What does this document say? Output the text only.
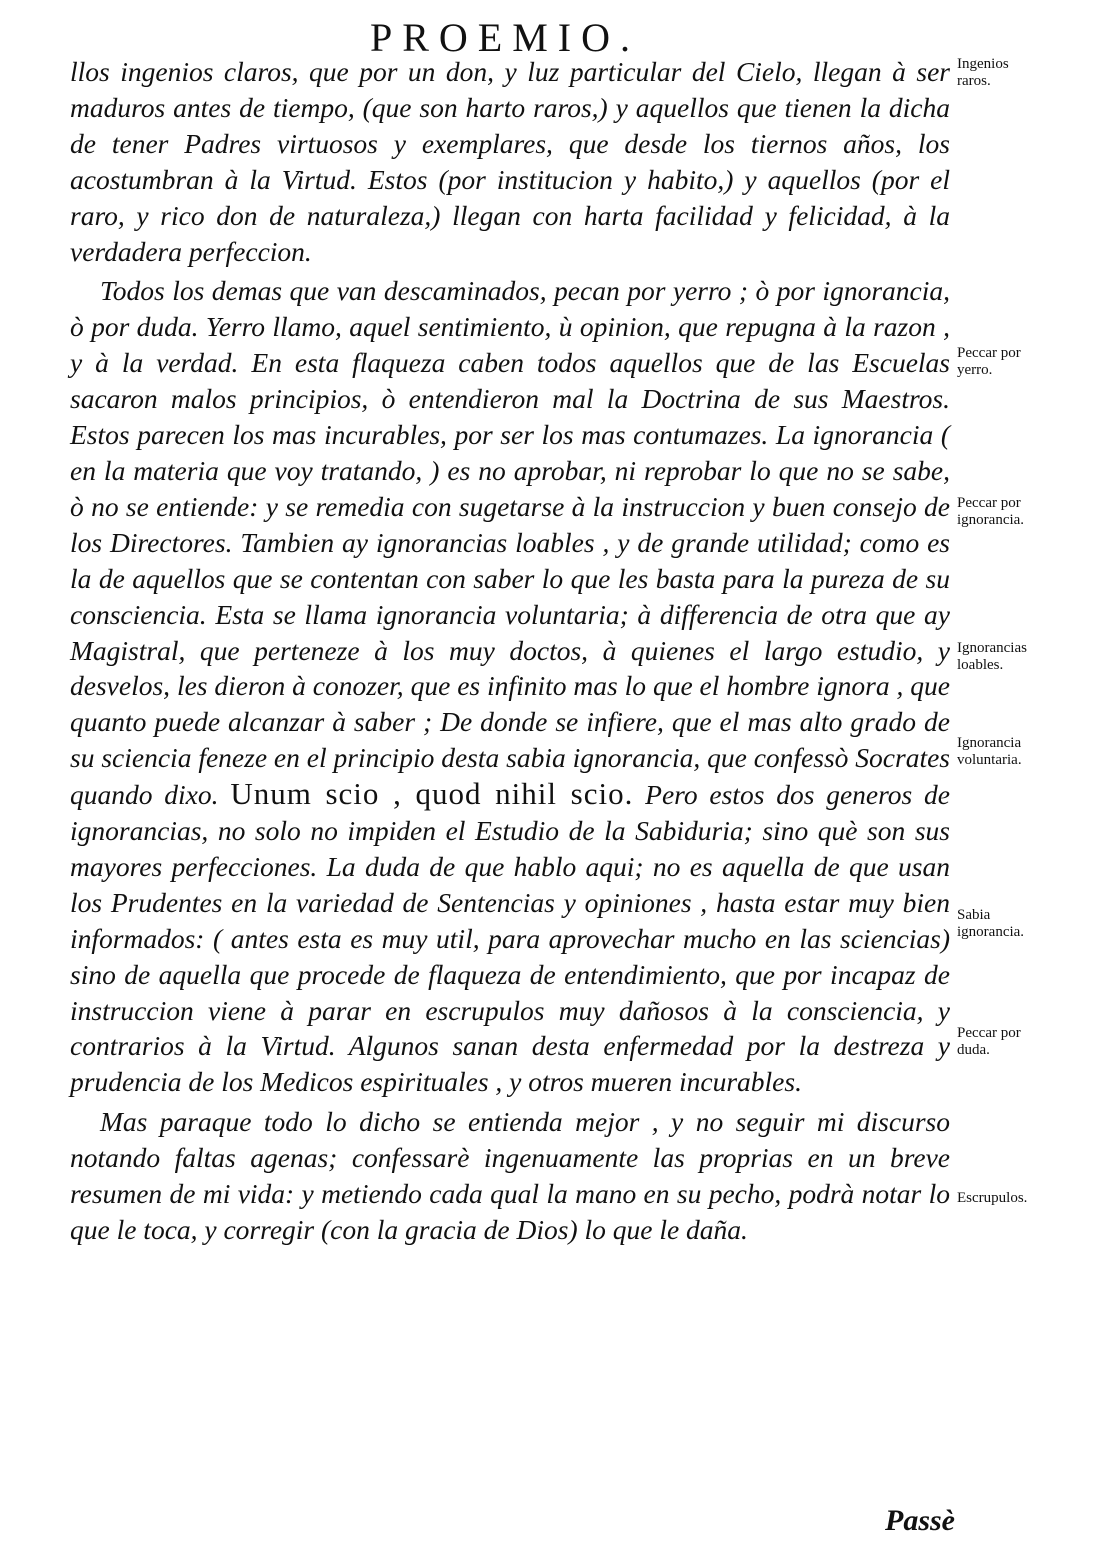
PROEMIO.

llos ingenios claros, que por un don, y luz particular del Cielo, llegan à ser maduros antes de tiempo, (que son harto raros,) y aquellos que tienen la dicha de tener Padres virtuosos y exemplares, que desde los tiernos años, los acostumbran à la Virtud. Estos (por institucion y habito,) y aquellos (por el raro, y rico don de naturaleza,) llegan con harta facilidad y felicidad, à la verdadera perfeccion.

Todos los demas que van descaminados, pecan por yerro ; ò por ignorancia, ò por duda. Yerro llamo, aquel sentimiento, ù opinion, que repugna à la razon , y à la verdad. En esta flaqueza caben todos aquellos que de las Escuelas sacaron malos principios, ò entendieron mal la Doctrina de sus Maestros. Estos parecen los mas incurables, por ser los mas contumazes. La ignorancia ( en la materia que voy tratando, ) es no aprobar, ni reprobar lo que no se sabe, ò no se entiende: y se remedia con sugetarse à la instruccion y buen consejo de los Directores. Tambien ay ignorancias loables , y de grande utilidad; como es la de aquellos que se contentan con saber lo que les basta para la pureza de su consciencia. Esta se llama ignorancia voluntaria; à differencia de otra que ay Magistral, que perteneze à los muy doctos, à quienes el largo estudio, y desvelos, les dieron à conozer, que es infinito mas lo que el hombre ignora , que quanto puede alcanzar à saber ; De donde se infiere, que el mas alto grado de su sciencia feneze en el principio desta sabia ignorancia, que confessò Socrates quando dixo. Unum scio , quod nihil scio. Pero estos dos generos de ignorancias, no solo no impiden el Estudio de la Sabiduria; sino què son sus mayores perfecciones. La duda de que hablo aqui; no es aquella de que usan los Prudentes en la variedad de Sentencias y opiniones , hasta estar muy bien informados: ( antes esta es muy util, para aprovechar mucho en las sciencias) sino de aquella que procede de flaqueza de entendimiento, que por incapaz de instruccion viene à parar en escrupulos muy dañosos à la consciencia, y contrarios à la Virtud. Algunos sanan desta enfermedad por la destreza y prudencia de los Medicos espirituales , y otros mueren incurables.

Mas paraque todo lo dicho se entienda mejor , y no seguir mi discurso notando faltas agenas; confessarè ingenuamente las proprias en un breve resumen de mi vida: y metiendo cada qual la mano en su pecho, podrà notar lo que le toca, y corregir (con la gracia de Dios) lo que le daña.

Ingenios raros.
Peccar por yerro.
Peccar por ignorancia.
Ignorancias loables.
Ignorancia voluntaria.
Sabia ignorancia.
Peccar por duda.
Escrupulos.
Passè
